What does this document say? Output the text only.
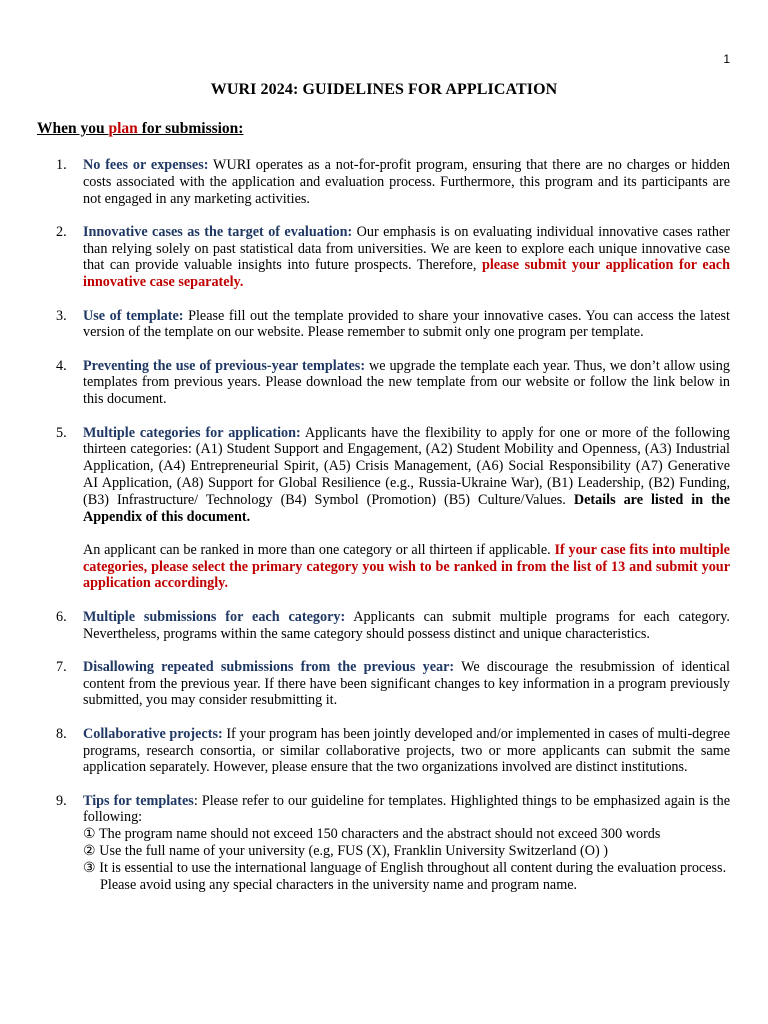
1
WURI 2024: GUIDELINES FOR APPLICATION
When you plan for submission:
1. No fees or expenses: WURI operates as a not-for-profit program, ensuring that there are no charges or hidden costs associated with the application and evaluation process. Furthermore, this program and its participants are not engaged in any marketing activities.

2. Innovative cases as the target of evaluation: Our emphasis is on evaluating individual innovative cases rather than relying solely on past statistical data from universities. We are keen to explore each unique innovative case that can provide valuable insights into future prospects. Therefore, please submit your application for each innovative case separately.

3. Use of template: Please fill out the template provided to share your innovative cases. You can access the latest version of the template on our website. Please remember to submit only one program per template.

4. Preventing the use of previous-year templates: we upgrade the template each year. Thus, we don’t allow using templates from previous years. Please download the new template from our website or follow the link below in this document.

5. Multiple categories for application: Applicants have the flexibility to apply for one or more of the following thirteen categories: (A1) Student Support and Engagement, (A2) Student Mobility and Openness, (A3) Industrial Application, (A4) Entrepreneurial Spirit, (A5) Crisis Management, (A6) Social Responsibility (A7) Generative AI Application, (A8) Support for Global Resilience (e.g., Russia-Ukraine War), (B1) Leadership, (B2) Funding, (B3) Infrastructure/ Technology (B4) Symbol (Promotion) (B5) Culture/Values. Details are listed in the Appendix of this document.

An applicant can be ranked in more than one category or all thirteen if applicable. If your case fits into multiple categories, please select the primary category you wish to be ranked in from the list of 13 and submit your application accordingly.

6. Multiple submissions for each category: Applicants can submit multiple programs for each category. Nevertheless, programs within the same category should possess distinct and unique characteristics.

7. Disallowing repeated submissions from the previous year: We discourage the resubmission of identical content from the previous year. If there have been significant changes to key information in a program previously submitted, you may consider resubmitting it.

8. Collaborative projects: If your program has been jointly developed and/or implemented in cases of multi-degree programs, research consortia, or similar collaborative projects, two or more applicants can submit the same application separately. However, please ensure that the two organizations involved are distinct institutions.

9. Tips for templates: Please refer to our guideline for templates. Highlighted things to be emphasized again is the following:

① The program name should not exceed 150 characters and the abstract should not exceed 300 words

② Use the full name of your university (e.g, FUS (X), Franklin University Switzerland (O) )

③ It is essential to use the international language of English throughout all content during the evaluation process. Please avoid using any special characters in the university name and program name.
